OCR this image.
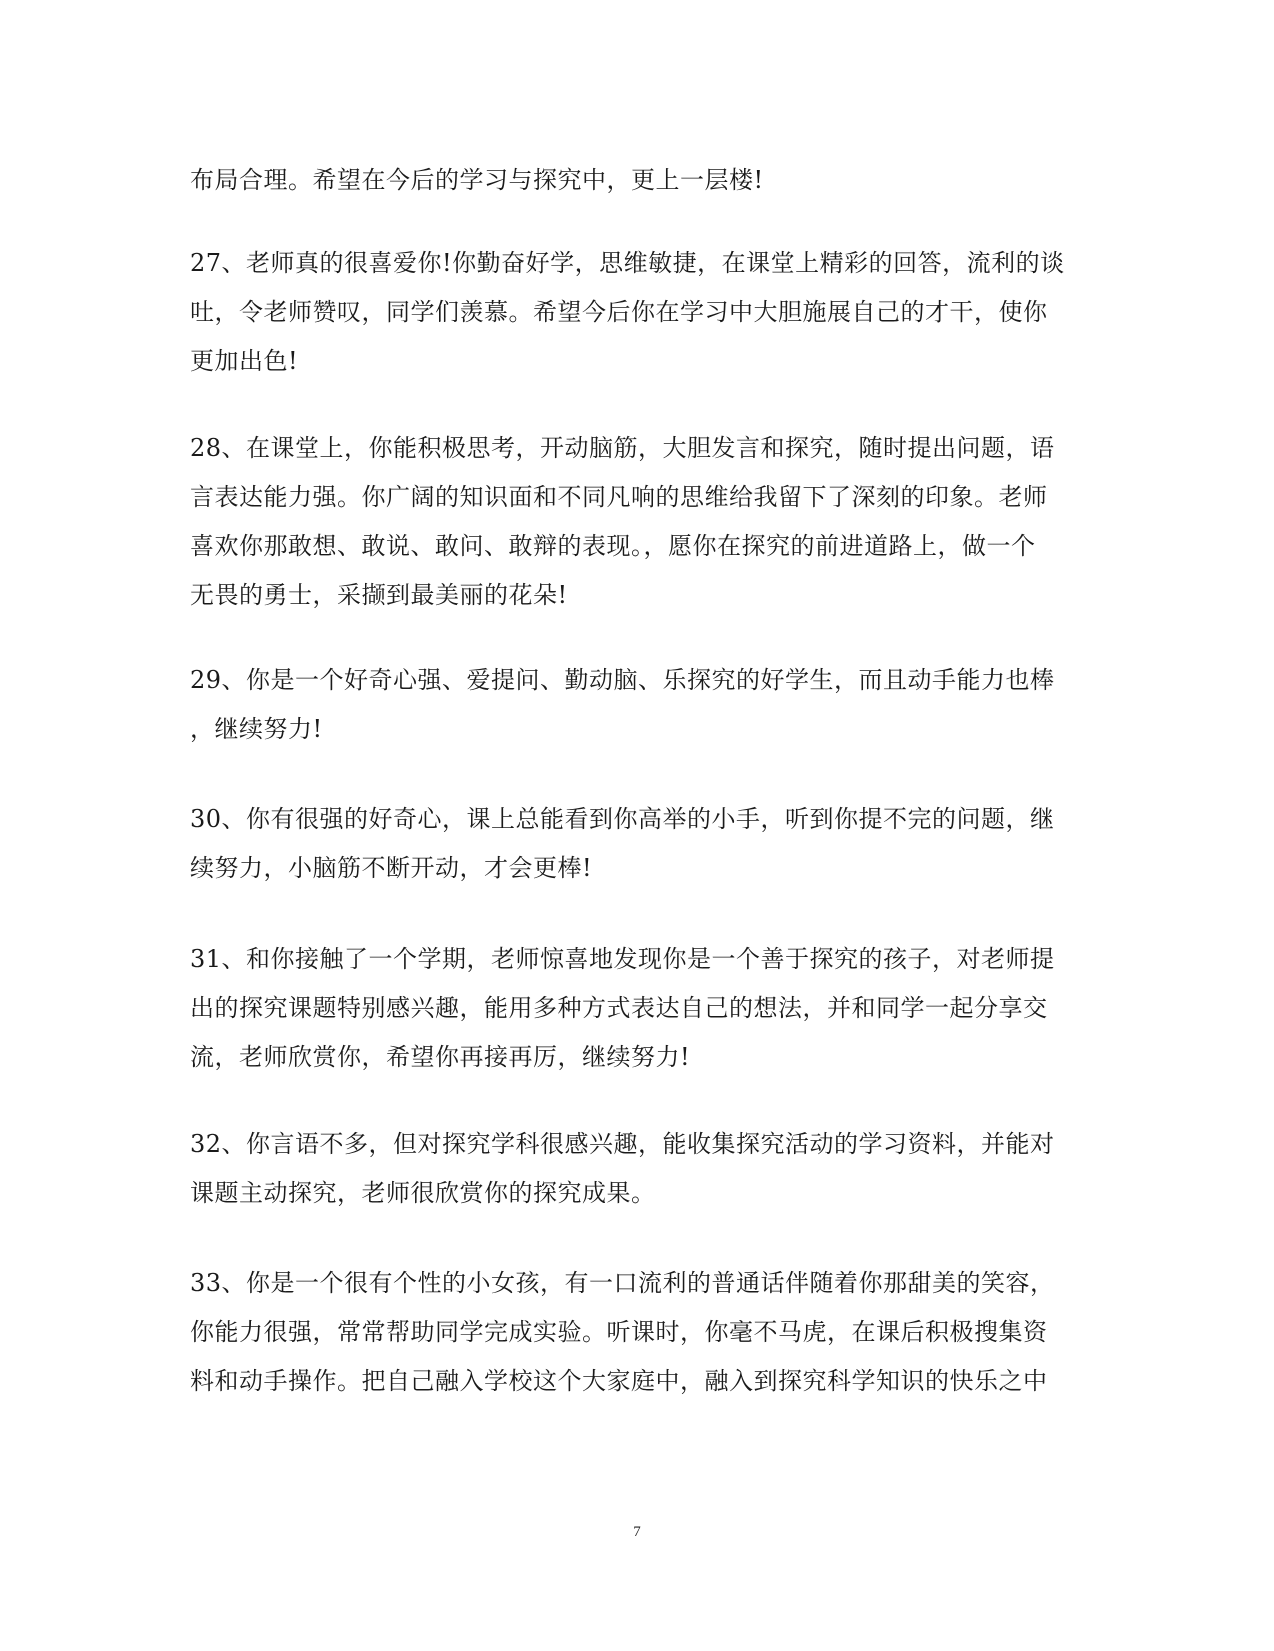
布局合理。希望在今后的学习与探究中，更上一层楼!
27、老师真的很喜爱你!你勤奋好学，思维敏捷，在课堂上精彩的回答，流利的谈
吐，令老师赞叹，同学们羡慕。希望今后你在学习中大胆施展自己的才干，使你
更加出色!
28、在课堂上，你能积极思考，开动脑筋，大胆发言和探究，随时提出问题，语
言表达能力强。你广阔的知识面和不同凡响的思维给我留下了深刻的印象。老师
喜欢你那敢想、敢说、敢问、敢辩的表现。，愿你在探究的前进道路上，做一个
无畏的勇士，采撷到最美丽的花朵!
29、你是一个好奇心强、爱提问、勤动脑、乐探究的好学生，而且动手能力也棒
，继续努力!
30、你有很强的好奇心，课上总能看到你高举的小手，听到你提不完的问题，继
续努力，小脑筋不断开动，才会更棒!
31、和你接触了一个学期，老师惊喜地发现你是一个善于探究的孩子，对老师提
出的探究课题特别感兴趣，能用多种方式表达自己的想法，并和同学一起分享交
流，老师欣赏你，希望你再接再厉，继续努力!
32、你言语不多，但对探究学科很感兴趣，能收集探究活动的学习资料，并能对
课题主动探究，老师很欣赏你的探究成果。
33、你是一个很有个性的小女孩，有一口流利的普通话伴随着你那甜美的笑容，
你能力很强，常常帮助同学完成实验。听课时，你毫不马虎，在课后积极搜集资
料和动手操作。把自己融入学校这个大家庭中，融入到探究科学知识的快乐之中
7
